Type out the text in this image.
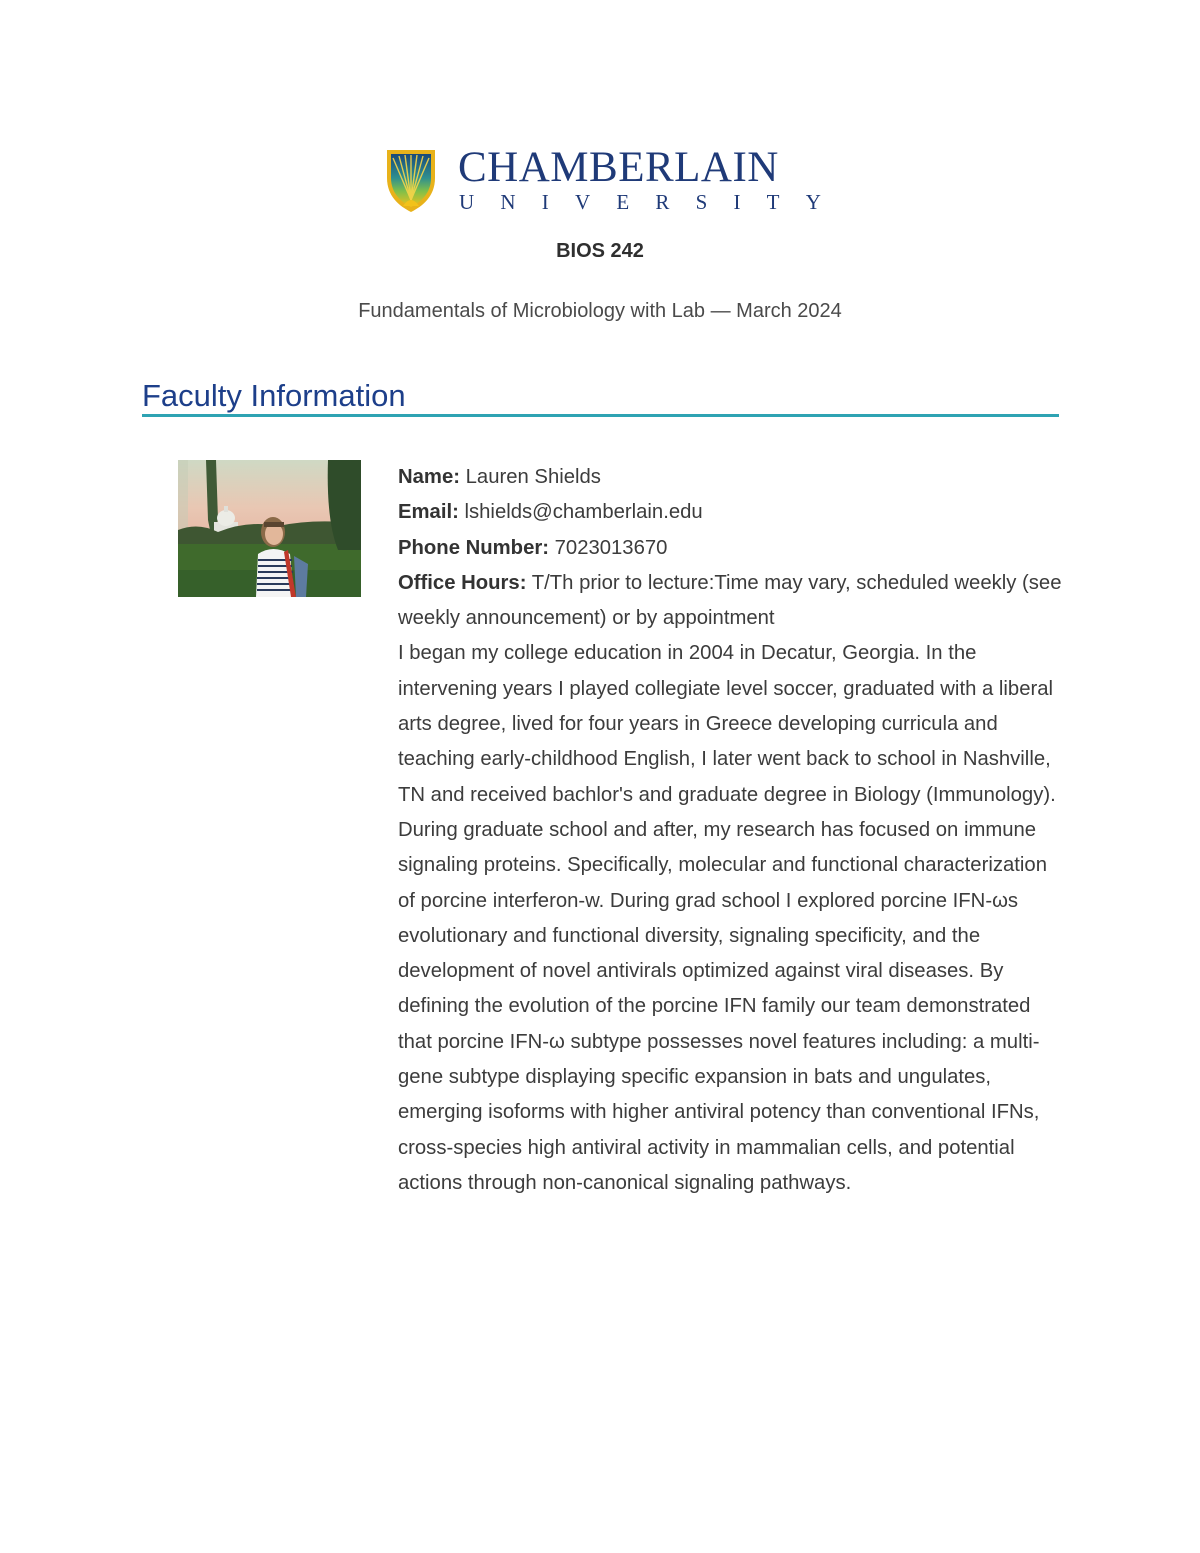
CHAMBERLAIN
U N I V E R S I T Y
BIOS 242
Fundamentals of Microbiology with Lab — March 2024
Faculty Information

Name: Lauren Shields

Email: lshields@chamberlain.edu

Phone Number: 7023013670

Office Hours: T/Th prior to lecture:Time may vary, scheduled weekly (see weekly announcement) or by appointment

I began my college education in 2004 in Decatur, Georgia. In the intervening years I played collegiate level soccer, graduated with a liberal arts degree, lived for four years in Greece developing curricula and teaching early-childhood English, I later went back to school in Nashville, TN and received bachlor's and graduate degree in Biology (Immunology).

During graduate school and after, my research has focused on immune signaling proteins. Specifically, molecular and functional characterization of porcine interferon-w. During grad school I explored porcine IFN-ωs evolutionary and functional diversity, signaling specificity, and the development of novel antivirals optimized against viral diseases. By defining the evolution of the porcine IFN family our team demonstrated that porcine IFN-ω subtype possesses novel features including: a multi-gene subtype displaying specific expansion in bats and ungulates, emerging isoforms with higher antiviral potency than conventional IFNs, cross-species high antiviral activity in mammalian cells, and potential actions through non-canonical signaling pathways.
